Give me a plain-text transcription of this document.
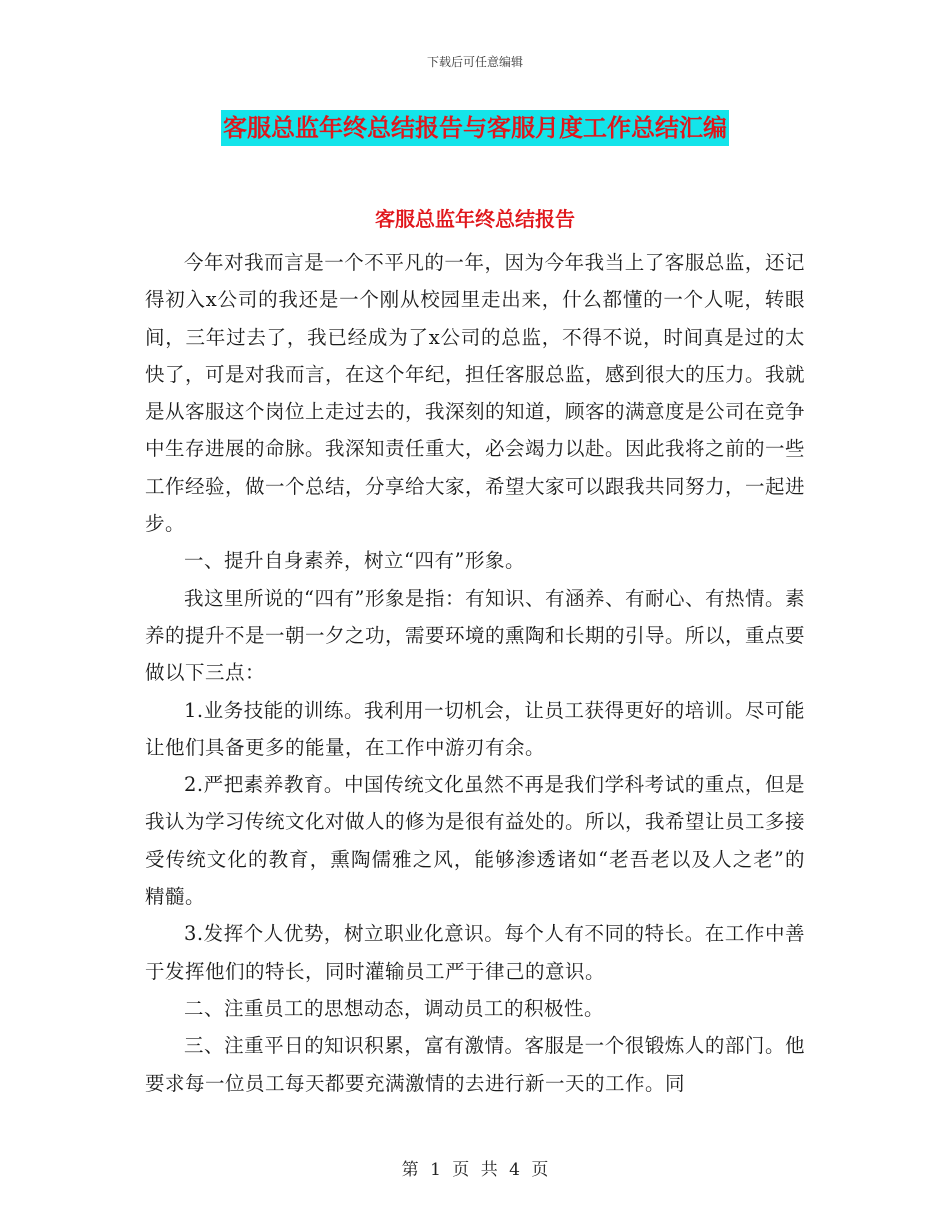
下载后可任意编辑
客服总监年终总结报告与客服月度工作总结汇编
客服总监年终总结报告

今年对我而言是一个不平凡的一年，因为今年我当上了客服总监，还记得初入x公司的我还是一个刚从校园里走出来，什么都懂的一个人呢，转眼间，三年过去了，我已经成为了x公司的总监，不得不说，时间真是过的太快了，可是对我而言，在这个年纪，担任客服总监，感到很大的压力。我就是从客服这个岗位上走过去的，我深刻的知道，顾客的满意度是公司在竞争中生存进展的命脉。我深知责任重大，必会竭力以赴。因此我将之前的一些工作经验，做一个总结，分享给大家，希望大家可以跟我共同努力，一起进步。

一、提升自身素养，树立“四有”形象。

我这里所说的“四有”形象是指：有知识、有涵养、有耐心、有热情。素养的提升不是一朝一夕之功，需要环境的熏陶和长期的引导。所以，重点要做以下三点：

1.业务技能的训练。我利用一切机会，让员工获得更好的培训。尽可能让他们具备更多的能量，在工作中游刃有余。

2.严把素养教育。中国传统文化虽然不再是我们学科考试的重点，但是我认为学习传统文化对做人的修为是很有益处的。所以，我希望让员工多接受传统文化的教育，熏陶儒雅之风，能够渗透诸如“老吾老以及人之老”的精髓。

3.发挥个人优势，树立职业化意识。每个人有不同的特长。在工作中善于发挥他们的特长，同时灌输员工严于律己的意识。

二、注重员工的思想动态，调动员工的积极性。

三、注重平日的知识积累，富有激情。客服是一个很锻炼人的部门。他要求每一位员工每天都要充满激情的去进行新一天的工作。同

第 1 页 共 4 页
